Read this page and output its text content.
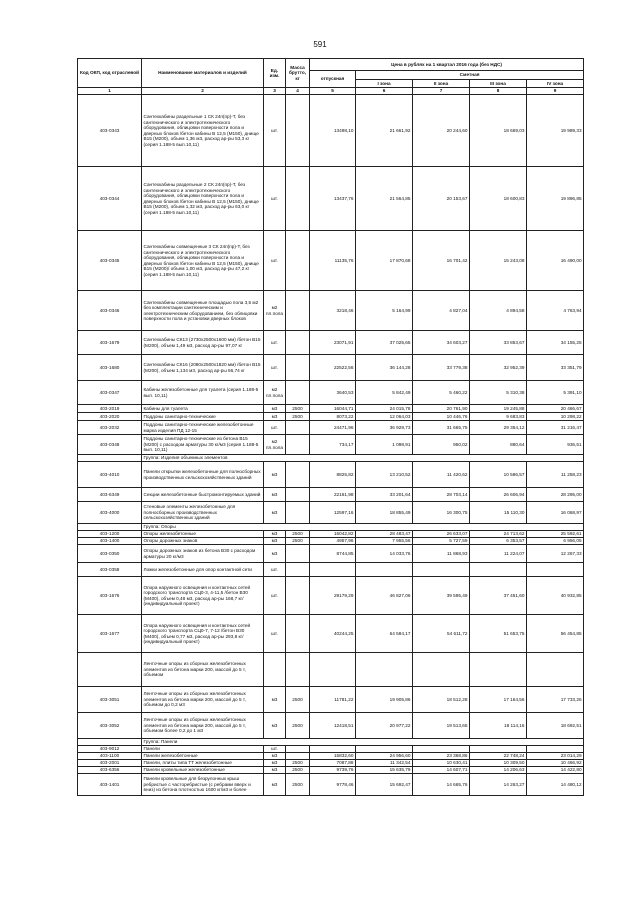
591
Код ОКП, код отраслевой	Наименование материалов и изделий	Ед. изм.	Масса брутто, кг	Цена в рублях на 1 квартал 2016 года (без НДС)				
				отпускная	Сметная			
					I зона	II зона	III зона	IV зона
1	2	3	4	5	6	7	8	9
403-0343	Сантехкабины раздельные 1 СК 24п(пр)-Т, без сантехнического и электротехнического оборудования, облицовки поверхности пола и дверных блоков /бетон кабины В 12,5 (М150), днище В15 (М200), объем 1,36 м3, расход ар-ры 53,3 кг (серия 1.188-5 вып.10,11)	шт.		13498,10	21 661,92	20 244,60	18 669,03	19 989,33
403-0344	Сантехкабины раздельные 2 СК 24п(пр)-Т, без сантехнического и электротехнического оборудования, облицовки поверхности пола и дверных блоков /бетон кабины В 12,5 (М150), днище В15 (М200), объем 1,32 м3, расход ар-ры 63,0 кг (серия 1.188-5 вып.10,11)	шт.		13437,76	21 564,85	20 153,67	18 600,83	19 896,85
403-0345	Сантехкабины совмещенные 3 СК 24п(пр)-Т, без сантехнического и электротехнического оборудования, облицовки поверхности пола и дверных блоков /бетон кабины В 12,5 (М150), днище В15 (М200)/ объем 1,00 м3, расход ар-ры 47,2 кг (серия 1.188-5 вып.10,11)	шт.		11135,76	17 870,68	16 701,42	15 243,08	16 490,00
403-0346	Сантехкабины совмещенные площадью пола 3,5 м2 без комплектации сантехническим и электротехническим оборудованием, без облицовки поверхности пола и установки дверных блоков	м2 пл.пола		3218,46	5 164,99	4 827,04	4 894,58	4 763,94
403-1679	Сантехкабины СК13 (2730х2500х1600 мм) /бетон В15 (М200), объем 1,49 м3, расход ар-ры 97,07 кг	шт.		23071,91	37 025,65	34 603,27	33 853,67	34 155,25
403-1680	Сантехкабины СК16 (2080х2500х1820 мм) /бетон В15 (М200), объем 1,134 м3, расход ар-ры 66,74 кг	шт.		22522,56	36 144,28	33 779,38	32 952,39	33 351,79
403-0347	Кабины железобетонные для туалета (серия 1.188-5 вып. 10,11)	м2 пл.пола		3640,53	5 842,49	5 460,22	5 310,38	5 391,10
403-2019	Кабины для туалета	м3	2500	16044,71	24 015,78	20 761,90	19 245,88	20 466,67
403-2020	Поддоны санитарно-технические	м3	2500	8073,22	12 064,03	10 446,76	9 683,83	10 298,22
403-2032	Поддоны санитарно-технические железобетонные марка изделия ПД 12-15	шт.		24471,96	36 929,73	31 665,75	29 354,12	31 216,47
403-0348	Поддоны санитарно-технические из бетона В15 (М200) с расходом арматуры 30 кг/м3 (серия 1.188-5 вып. 10,11)	м2 пл.пола		734,17	1 098,91	950,02	880,64	936,51
	Группа: Изделия объемных элементов							
403-4010	Панели открытки железобетонные для полносборных производственных сельскохозяйственных зданий	м3		8825,82	13 210,52	11 420,62	10 586,57	11 258,23
403-6349	Секции железобетонные быстромонтируемых зданий	м3		22161,98	33 201,64	28 703,14	26 606,94	28 295,00
403-4000	Стеновые элементы железобетонные для полносборных производственных сельскохозяйственных зданий	м3		12597,16	18 855,49	16 300,75	15 110,30	16 068,97
	Группа: Опоры							
403-1200	Опоры железобетонные	м3	2500	16042,82	28 483,47	26 633,07	24 713,62	25 592,61
403-1400	Опоры дорожных знаков	м3	2500	4957,96	7 955,56	5 727,59	6 353,57	6 956,05
403-0350	Опоры дорожных знаков из бетона В30 с расходом арматуры 20 кг/м3	м3		8744,85	14 033,76	11 868,93	11 224,07	12 267,33
403-0358	Ложки железобетонные для опор контактной сети	шт.						
403-1676	Опора наружного освещения и контактных сетей городского транспорта СЦ0-3, 4-11,5 /бетон В30 (М400), объем 0,48 м3, расход ар-ры 168,7 кг/ (индивидуальный проект)	шт.		29179,29	46 827,06	39 595,49	37 451,60	40 932,85
403-1677	Опора наружного освещения и контактных сетей городского транспорта СЦ0-7, 7-12 /бетон В30 (М400), объем 0,77 м3, расход ар-ры 293,8 кг/ (индивидуальный проект)	шт.		40244,25	64 584,17	54 611,72	51 653,75	56 454,85
	Ленточные опоры из сборных железобетонных элементов из бетона марки 200, массой до 5 т, объемом							
403-3051	Ленточные опоры из сборных железобетонных элементов из бетона марки 200, массой до 5 т, объемом до 0,2 м3	м3	2500	11781,22	19 905,86	18 512,28	17 164,56	17 733,26
403-3052	Ленточные опоры из сборных железобетонных элементов из бетона марки 200, массой до 5 т, объемом более 0,2 до 1 м3	м3	2500	12418,51	20 977,22	19 513,65	18 114,16	18 692,51
	Группа: Панели							
403-9012	Панели	шт.						
403-1100	Панели железобетонные	м3		15832,60	24 956,60	23 368,86	22 748,24	23 014,29
403-2001	Панели, плиты типа ТТ железобетонные	м3	2500	7087,88	11 342,54	10 630,41	10 309,50	10 466,92
403-6356	Панели кровельные железобетонные	м3	2500	9739,76	15 635,79	14 607,71	14 206,63	14 422,80
403-1401	Панели кровельные для безрулонных крыш ребристые с часторебристые (с ребрами вверх и вниз) из бетона плотностью 1600 кг/м3 и более	м3	2500	9778,46	15 692,47	14 665,76	14 263,27	14 480,12
